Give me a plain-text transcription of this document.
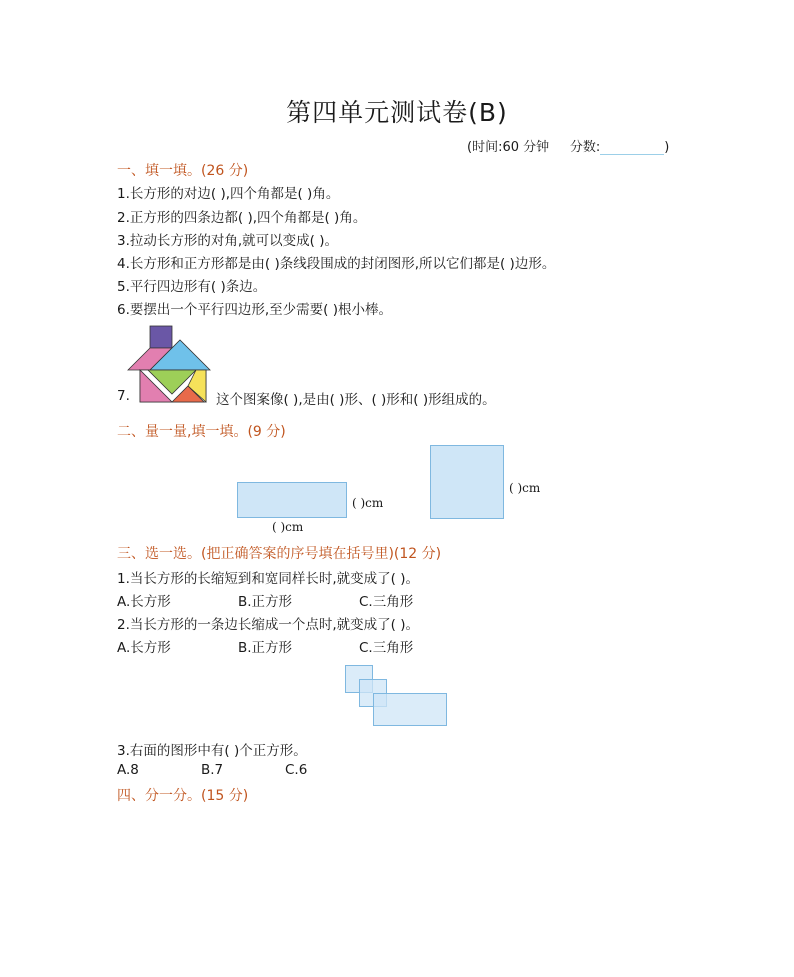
第四单元测试卷(B)
(时间:60 分钟 分数:	)
一、填一填。(26 分)
1.长方形的对边( ),四个角都是( )角。
2.正方形的四条边都( ),四个角都是( )角。
3.拉动长方形的对角,就可以变成( )。
4.长方形和正方形都是由( )条线段围成的封闭图形,所以它们都是( )边形。
5.平行四边形有( )条边。
6.要摆出一个平行四边形,至少需要( )根小棒。
7.	这个图案像( ),是由( )形、( )形和( )形组成的。
二、量一量,填一填。(9 分)
( )cm
( )cm
( )cm
三、选一选。(把正确答案的序号填在括号里)(12 分)
1.当长方形的长缩短到和宽同样长时,就变成了( )。
A.长方形	B.正方形	C.三角形
2.当长方形的一条边长缩成一个点时,就变成了( )。
A.长方形	B.正方形	C.三角形
3.右面的图形中有( )个正方形。
A.8	B.7	C.6
四、分一分。(15 分)
